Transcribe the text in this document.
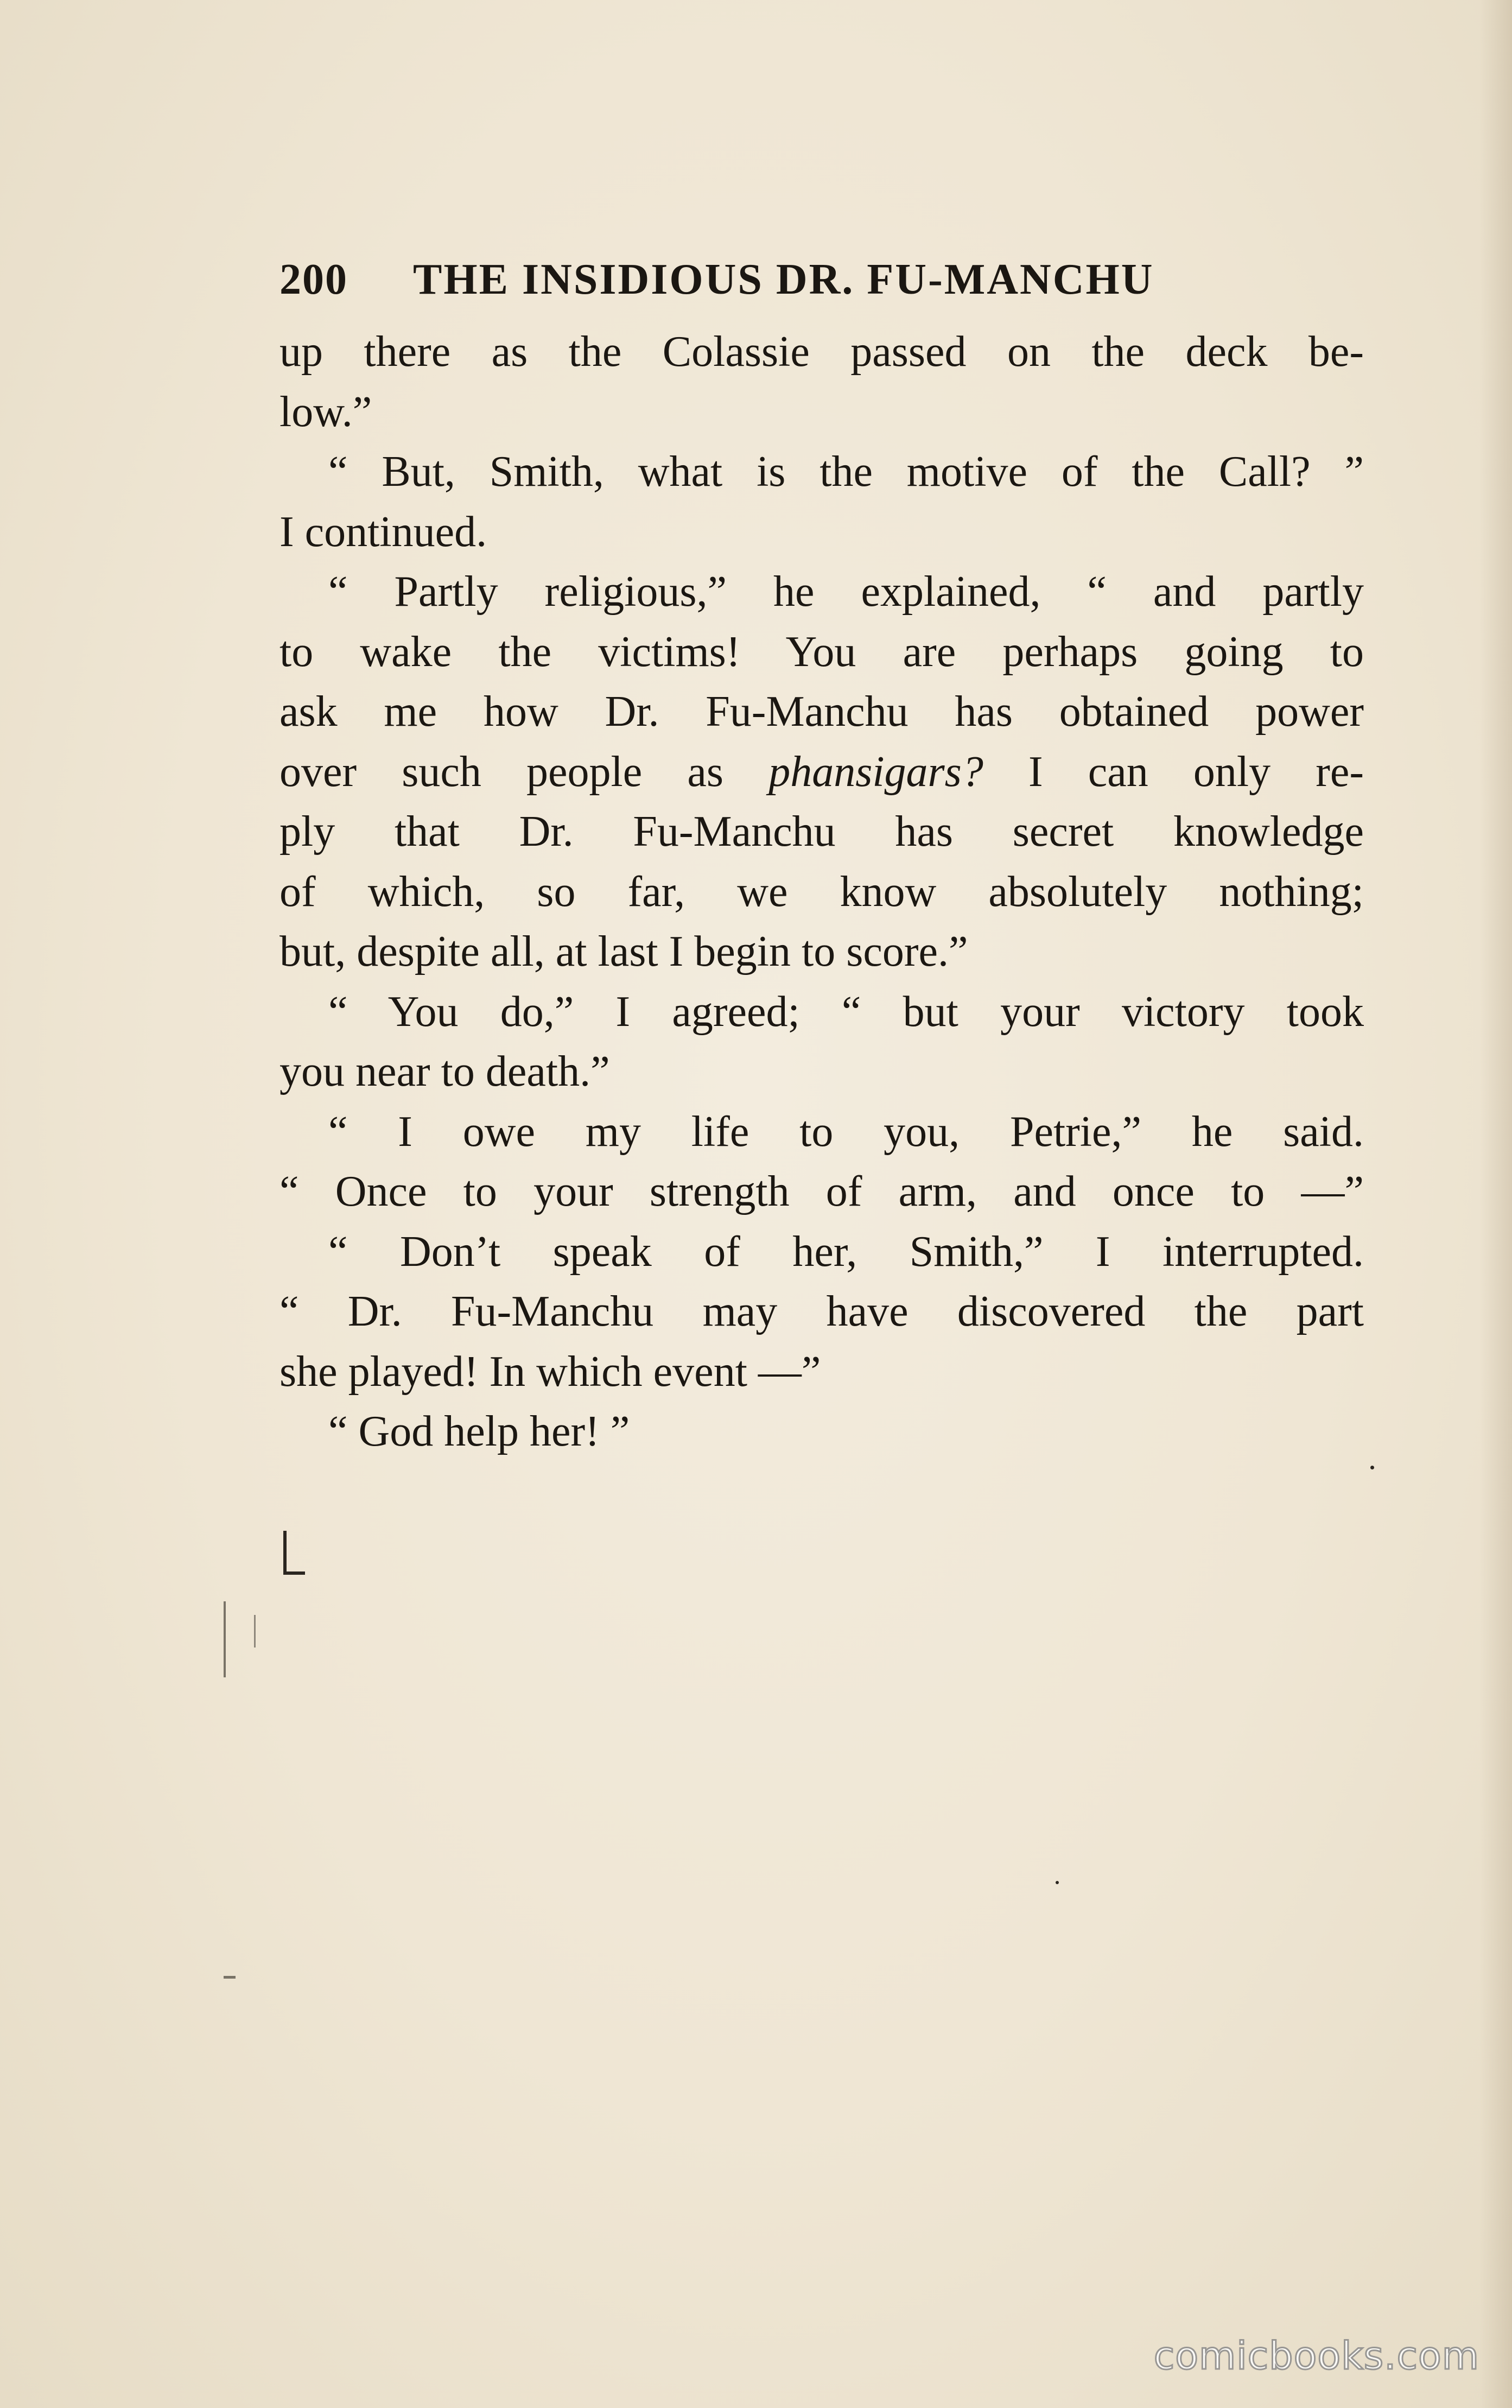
200 THE INSIDIOUS DR. FU-MANCHU
up there as the Colassie passed on the deck be-
low.”
“ But, Smith, what is the motive of the Call? ”
I continued.
“ Partly religious,” he explained, “ and partly
to wake the victims! You are perhaps going to
ask me how Dr. Fu-Manchu has obtained power
over such people as phansigars? I can only re-
ply that Dr. Fu-Manchu has secret knowledge
of which, so far, we know absolutely nothing;
but, despite all, at last I begin to score.”
“ You do,” I agreed; “ but your victory took
you near to death.”
“ I owe my life to you, Petrie,” he said.
“ Once to your strength of arm, and once to —”
“ Don’t speak of her, Smith,” I interrupted.
“ Dr. Fu-Manchu may have discovered the part
she played! In which event —”
“ God help her! ”
comicbooks.com
